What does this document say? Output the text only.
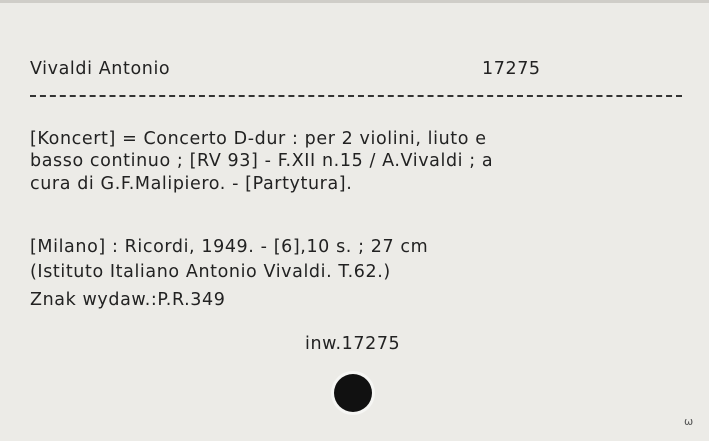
Vivaldi Antonio	17275
[Koncert] = Concerto D-dur : per 2 violini, liuto e
basso continuo ; [RV 93] - F.XII n.15 / A.Vivaldi ; a
cura di G.F.Malipiero. - [Partytura].
[Milano] : Ricordi, 1949. - [6],10 s. ; 27 cm
(Istituto Italiano Antonio Vivaldi. T.62.)
Znak wydaw.:P.R.349
inw.17275
ω
